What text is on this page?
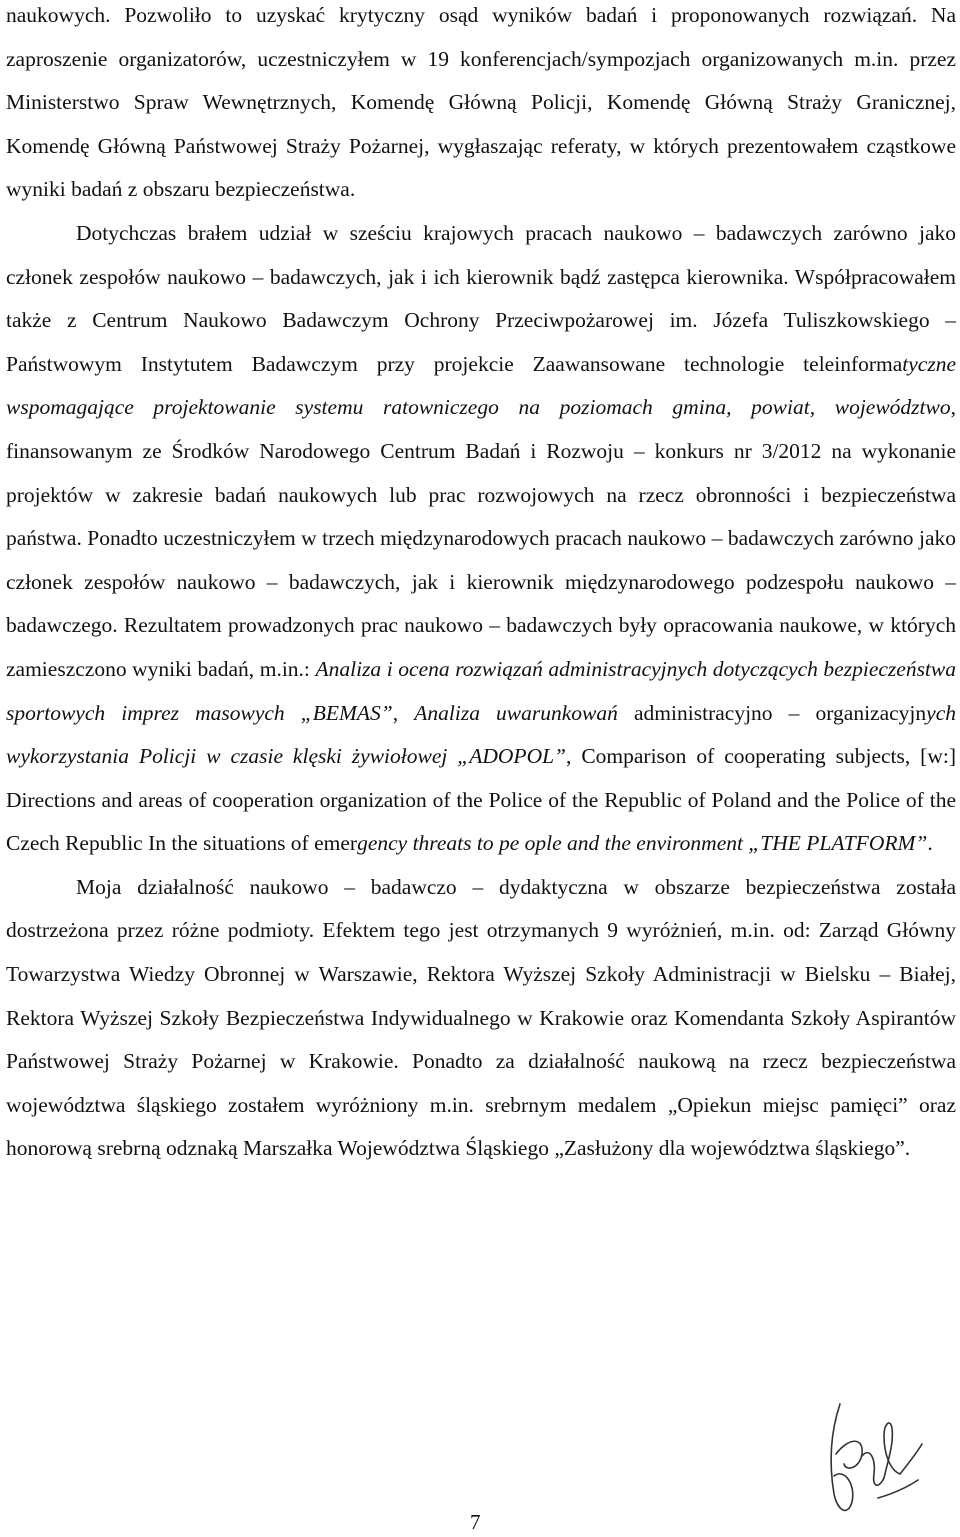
naukowych. Pozwoliło to uzyskać krytyczny osąd wyników badań i proponowanych rozwiązań. Na zaproszenie organizatorów, uczestniczyłem w 19 konferencjach/sympozjach organizowanych m.in. przez Ministerstwo Spraw Wewnętrznych, Komendę Główną Policji, Komendę Główną Straży Granicznej, Komendę Główną Państwowej Straży Pożarnej, wygłaszając referaty, w których prezentowałem cząstkowe wyniki badań z obszaru bezpieczeństwa.

Dotychczas brałem udział w sześciu krajowych pracach naukowo – badawczych zarówno jako członek zespołów naukowo – badawczych, jak i ich kierownik bądź zastępca kierownika. Współpracowałem także z Centrum Naukowo Badawczym Ochrony Przeciwpożarowej im. Józefa Tuliszkowskiego – Państwowym Instytutem Badawczym przy projekcie Zaawansowane technologie teleinformatyczne wspomagające projektowanie systemu ratowniczego na poziomach gmina, powiat, województwo, finansowanym ze Środków Narodowego Centrum Badań i Rozwoju – konkurs nr 3/2012 na wykonanie projektów w zakresie badań naukowych lub prac rozwojowych na rzecz obronności i bezpieczeństwa państwa. Ponadto uczestniczyłem w trzech międzynarodowych pracach naukowo – badawczych zarówno jako członek zespołów naukowo – badawczych, jak i kierownik międzynarodowego podzespołu naukowo – badawczego. Rezultatem prowadzonych prac naukowo – badawczych były opracowania naukowe, w których zamieszczono wyniki badań, m.in.: Analiza i ocena rozwiązań administracyjnych dotyczących bezpieczeństwa sportowych imprez masowych „BEMAS”, Analiza uwarunkowań administracyjno – organizacyjnych wykorzystania Policji w czasie klęski żywiołowej „ADOPOL”, Comparison of cooperating subjects, [w:] Directions and areas of cooperation organization of the Police of the Republic of Poland and the Police of the Czech Republic In the situations of emergency threats to pe ople and the environment „THE PLATFORM”.

Moja działalność naukowo – badawczo – dydaktyczna w obszarze bezpieczeństwa została dostrzeżona przez różne podmioty. Efektem tego jest otrzymanych 9 wyróżnień, m.in. od: Zarząd Główny Towarzystwa Wiedzy Obronnej w Warszawie, Rektora Wyższej Szkoły Administracji w Bielsku – Białej, Rektora Wyższej Szkoły Bezpieczeństwa Indywidualnego w Krakowie oraz Komendanta Szkoły Aspirantów Państwowej Straży Pożarnej w Krakowie. Ponadto za działalność naukową na rzecz bezpieczeństwa województwa śląskiego zostałem wyróżniony m.in. srebrnym medalem „Opiekun miejsc pamięci” oraz honorową srebrną odznaką Marszałka Województwa Śląskiego „Zasłużony dla województwa śląskiego”.

7
